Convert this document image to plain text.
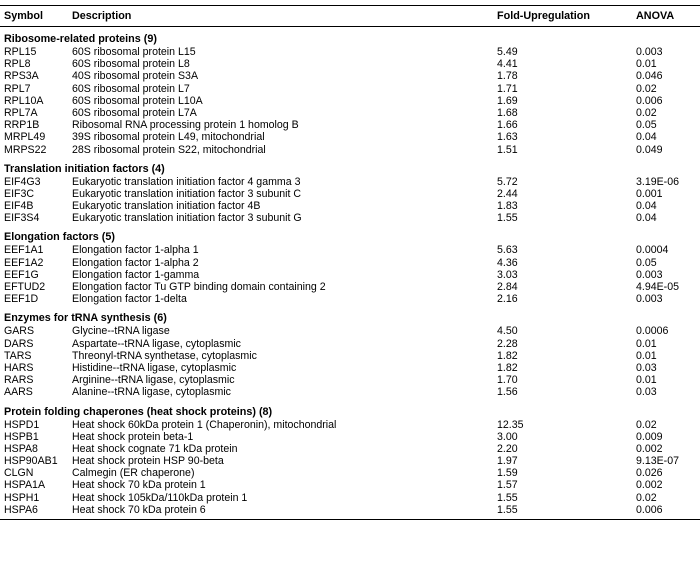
Symbol	Description	Fold-Upregulation	ANOVA
Ribosome-related proteins (9)
RPL15	60S ribosomal protein L15	5.49	0.003
RPL8	60S ribosomal protein L8	4.41	0.01
RPS3A	40S ribosomal protein S3A	1.78	0.046
RPL7	60S ribosomal protein L7	1.71	0.02
RPL10A	60S ribosomal protein L10A	1.69	0.006
RPL7A	60S ribosomal protein L7A	1.68	0.02
RRP1B	Ribosomal RNA processing protein 1 homolog B	1.66	0.05
MRPL49	39S ribosomal protein L49, mitochondrial	1.63	0.04
MRPS22 28S ribosomal protein S22, mitochondrial	1.51	0.049
Translation initiation factors (4)
EIF4G3	Eukaryotic translation initiation factor 4 gamma 3	5.72	3.19E-06
EIF3C	Eukaryotic translation initiation factor 3 subunit C	2.44	0.001
EIF4B	Eukaryotic translation initiation factor 4B	1.83	0.04
EIF3S4	Eukaryotic translation initiation factor 3 subunit G	1.55	0.04
Elongation factors (5)
EEF1A1	Elongation factor 1-alpha 1	5.63	0.0004
EEF1A2	Elongation factor 1-alpha 2	4.36	0.05
EEF1G	Elongation factor 1-gamma	3.03	0.003
EFTUD2	Elongation factor Tu GTP binding domain containing 2	2.84	4.94E-05
EEF1D	Elongation factor 1-delta	2.16	0.003
Enzymes for tRNA synthesis (6)
GARS	Glycine--tRNA ligase	4.50	0.0006
DARS	Aspartate--tRNA ligase, cytoplasmic	2.28	0.01
TARS	Threonyl-tRNA synthetase, cytoplasmic	1.82	0.01
HARS	Histidine--tRNA ligase, cytoplasmic	1.82	0.03
RARS	Arginine--tRNA ligase, cytoplasmic	1.70	0.01
AARS	Alanine--tRNA ligase, cytoplasmic	1.56	0.03
Protein folding chaperones (heat shock proteins) (8)
HSPD1	Heat shock 60kDa protein 1 (Chaperonin), mitochondrial	12.35	0.02
HSPB1	Heat shock protein beta-1	3.00	0.009
HSPA8	Heat shock cognate 71 kDa protein	2.20	0.002
HSP90AB1 Heat shock protein HSP 90-beta	1.97	9.13E-07
CLGN	Calmegin (ER chaperone)	1.59	0.026
HSPA1A	Heat shock 70 kDa protein 1	1.57	0.002
HSPH1	Heat shock 105kDa/110kDa protein 1	1.55	0.02
HSPA6	Heat shock 70 kDa protein 6	1.55	0.006
